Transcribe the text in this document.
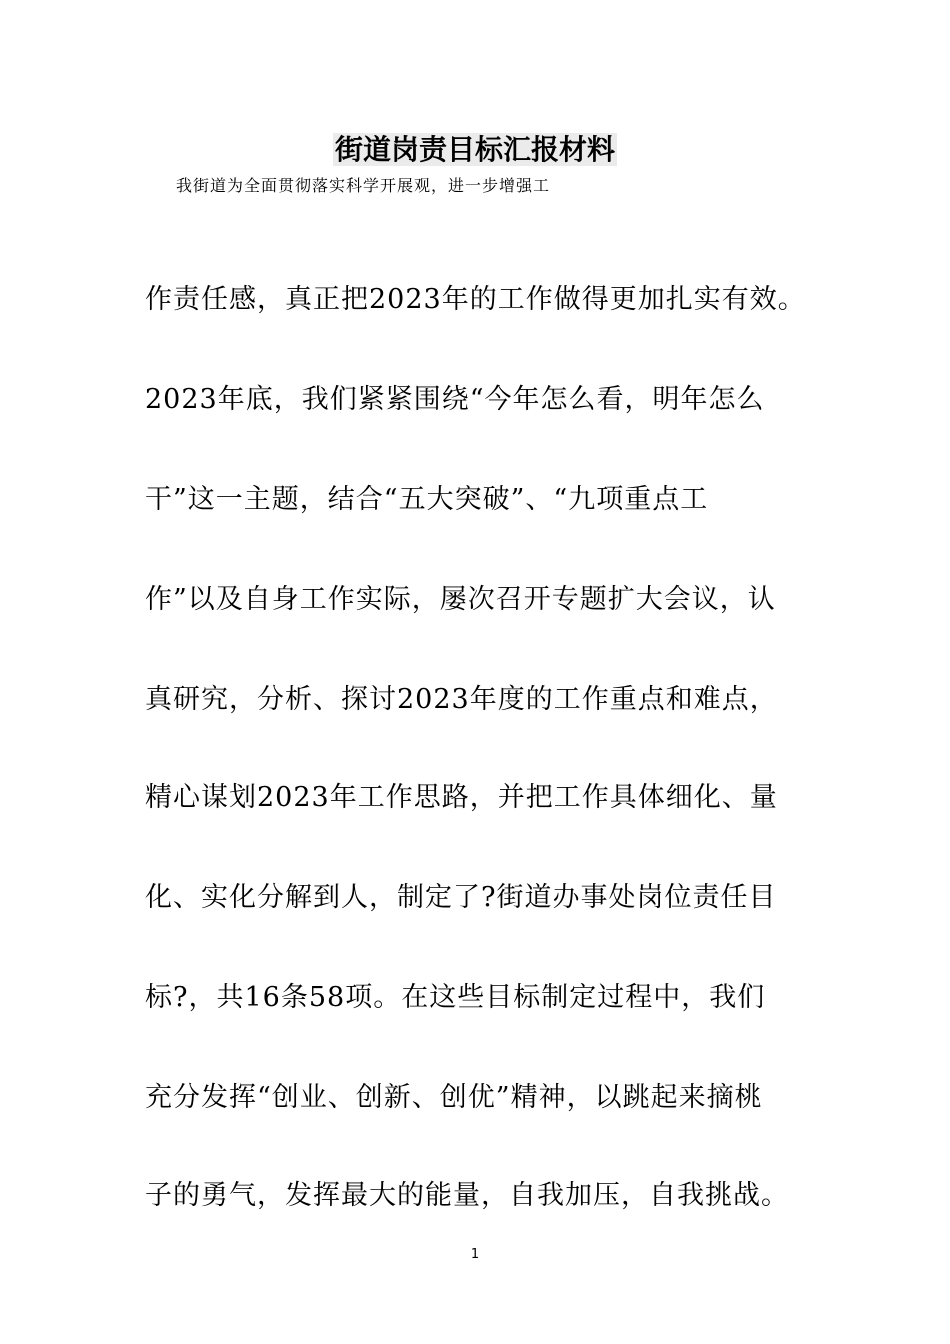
街道岗责目标汇报材料
我街道为全面贯彻落实科学开展观，进一步增强工
作责任感，真正把2023年的工作做得更加扎实有效。
2023年底，我们紧紧围绕“今年怎么看，明年怎么
干”这一主题，结合“五大突破”、“九项重点工
作”以及自身工作实际，屡次召开专题扩大会议，认
真研究，分析、探讨2023年度的工作重点和难点，
精心谋划2023年工作思路，并把工作具体细化、量
化、实化分解到人，制定了?街道办事处岗位责任目
标?，共16条58项。在这些目标制定过程中，我们
充分发挥“创业、创新、创优”精神，以跳起来摘桃
子的勇气，发挥最大的能量，自我加压，自我挑战。
1
